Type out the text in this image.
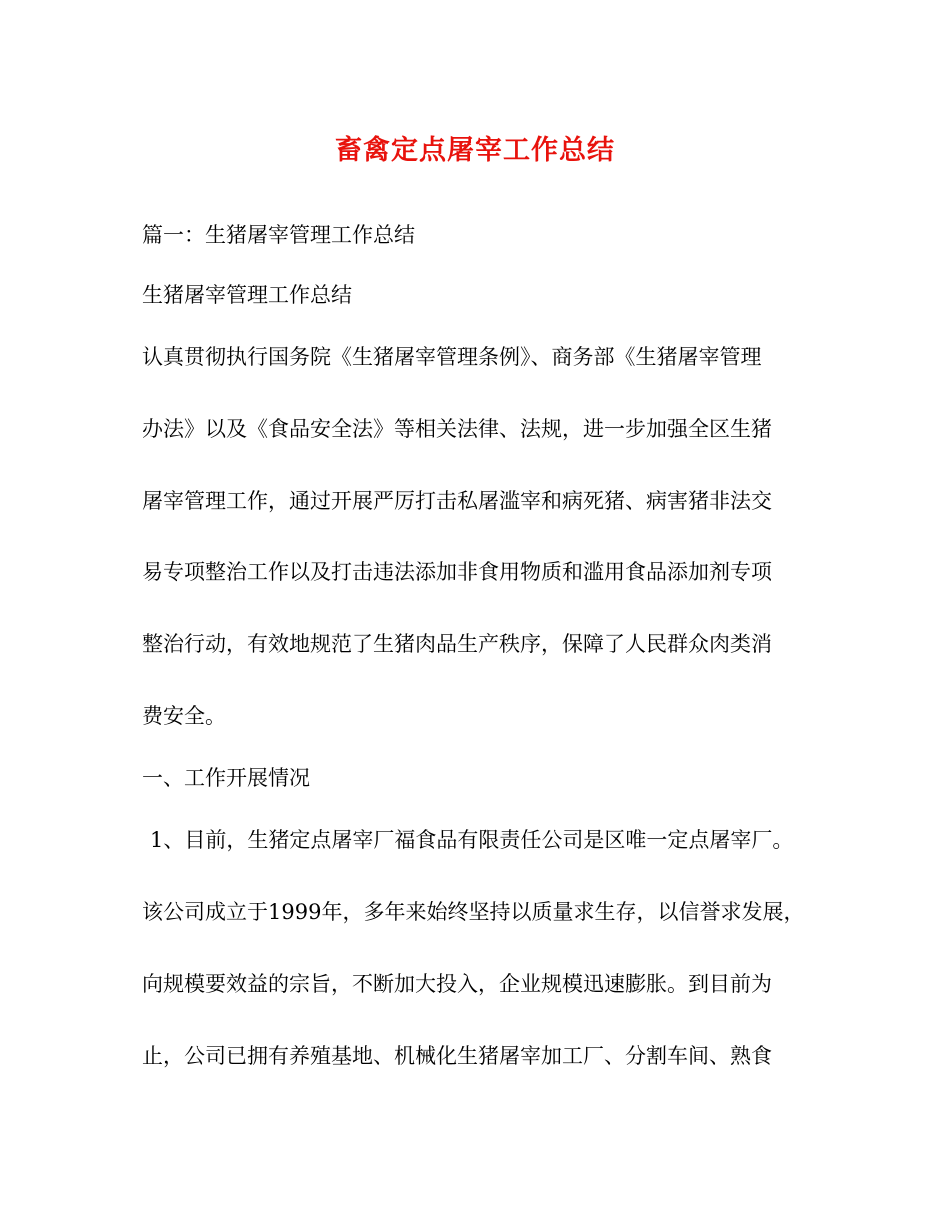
畜禽定点屠宰工作总结

篇一：生猪屠宰管理工作总结

生猪屠宰管理工作总结

认真贯彻执行国务院《生猪屠宰管理条例》、商务部《生猪屠宰管理

办法》以及《食品安全法》等相关法律、法规，进一步加强全区生猪

屠宰管理工作，通过开展严厉打击私屠滥宰和病死猪、病害猪非法交

易专项整治工作以及打击违法添加非食用物质和滥用食品添加剂专项

整治行动，有效地规范了生猪肉品生产秩序，保障了人民群众肉类消

费安全。

一、工作开展情况

1、目前，生猪定点屠宰厂福食品有限责任公司是区唯一定点屠宰厂。

该公司成立于1999年，多年来始终坚持以质量求生存，以信誉求发展，

向规模要效益的宗旨，不断加大投入，企业规模迅速膨胀。到目前为

止，公司已拥有养殖基地、机械化生猪屠宰加工厂、分割车间、熟食
